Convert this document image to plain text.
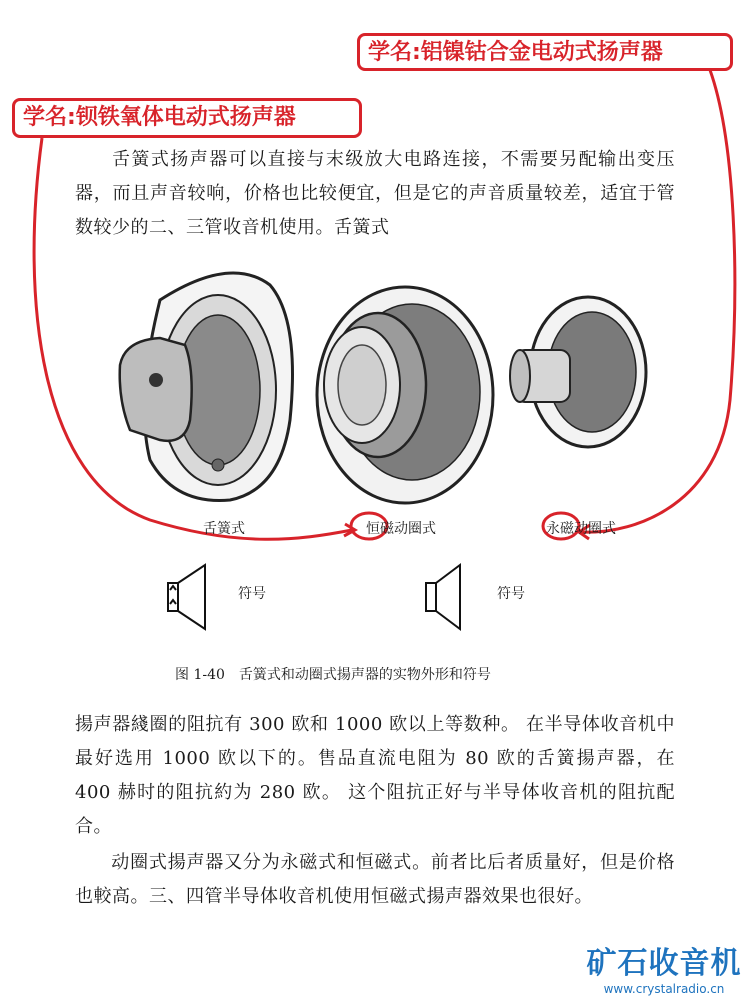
学名:铝镍钴合金电动式扬声器
学名:钡铁氧体电动式扬声器

舌簧式扬声器可以直接与末级放大电路连接，不需要另配输出变压器，而且声音较响，价格也比较便宜，但是它的声音质量较差，适宜于管数较少的二、三管收音机使用。舌簧式

舌簧式	恒磁动圈式	永磁动圈式
符号	符号
图 1-40　舌簧式和动圈式揚声器的实物外形和符号

揚声器綫圈的阻抗有 300 欧和 1000 欧以上等数种。 在半导体收音机中最好选用 1000 欧以下的。售品直流电阻为 80 欧的舌簧揚声器，在 400 赫时的阻抗約为 280 欧。 这个阻抗正好与半导体收音机的阻抗配合。

动圈式揚声器又分为永磁式和恒磁式。前者比后者质量好，但是价格也較高。三、四管半导体收音机使用恒磁式揚声器效果也很好。

矿石收音机
www.crystalradio.cn
